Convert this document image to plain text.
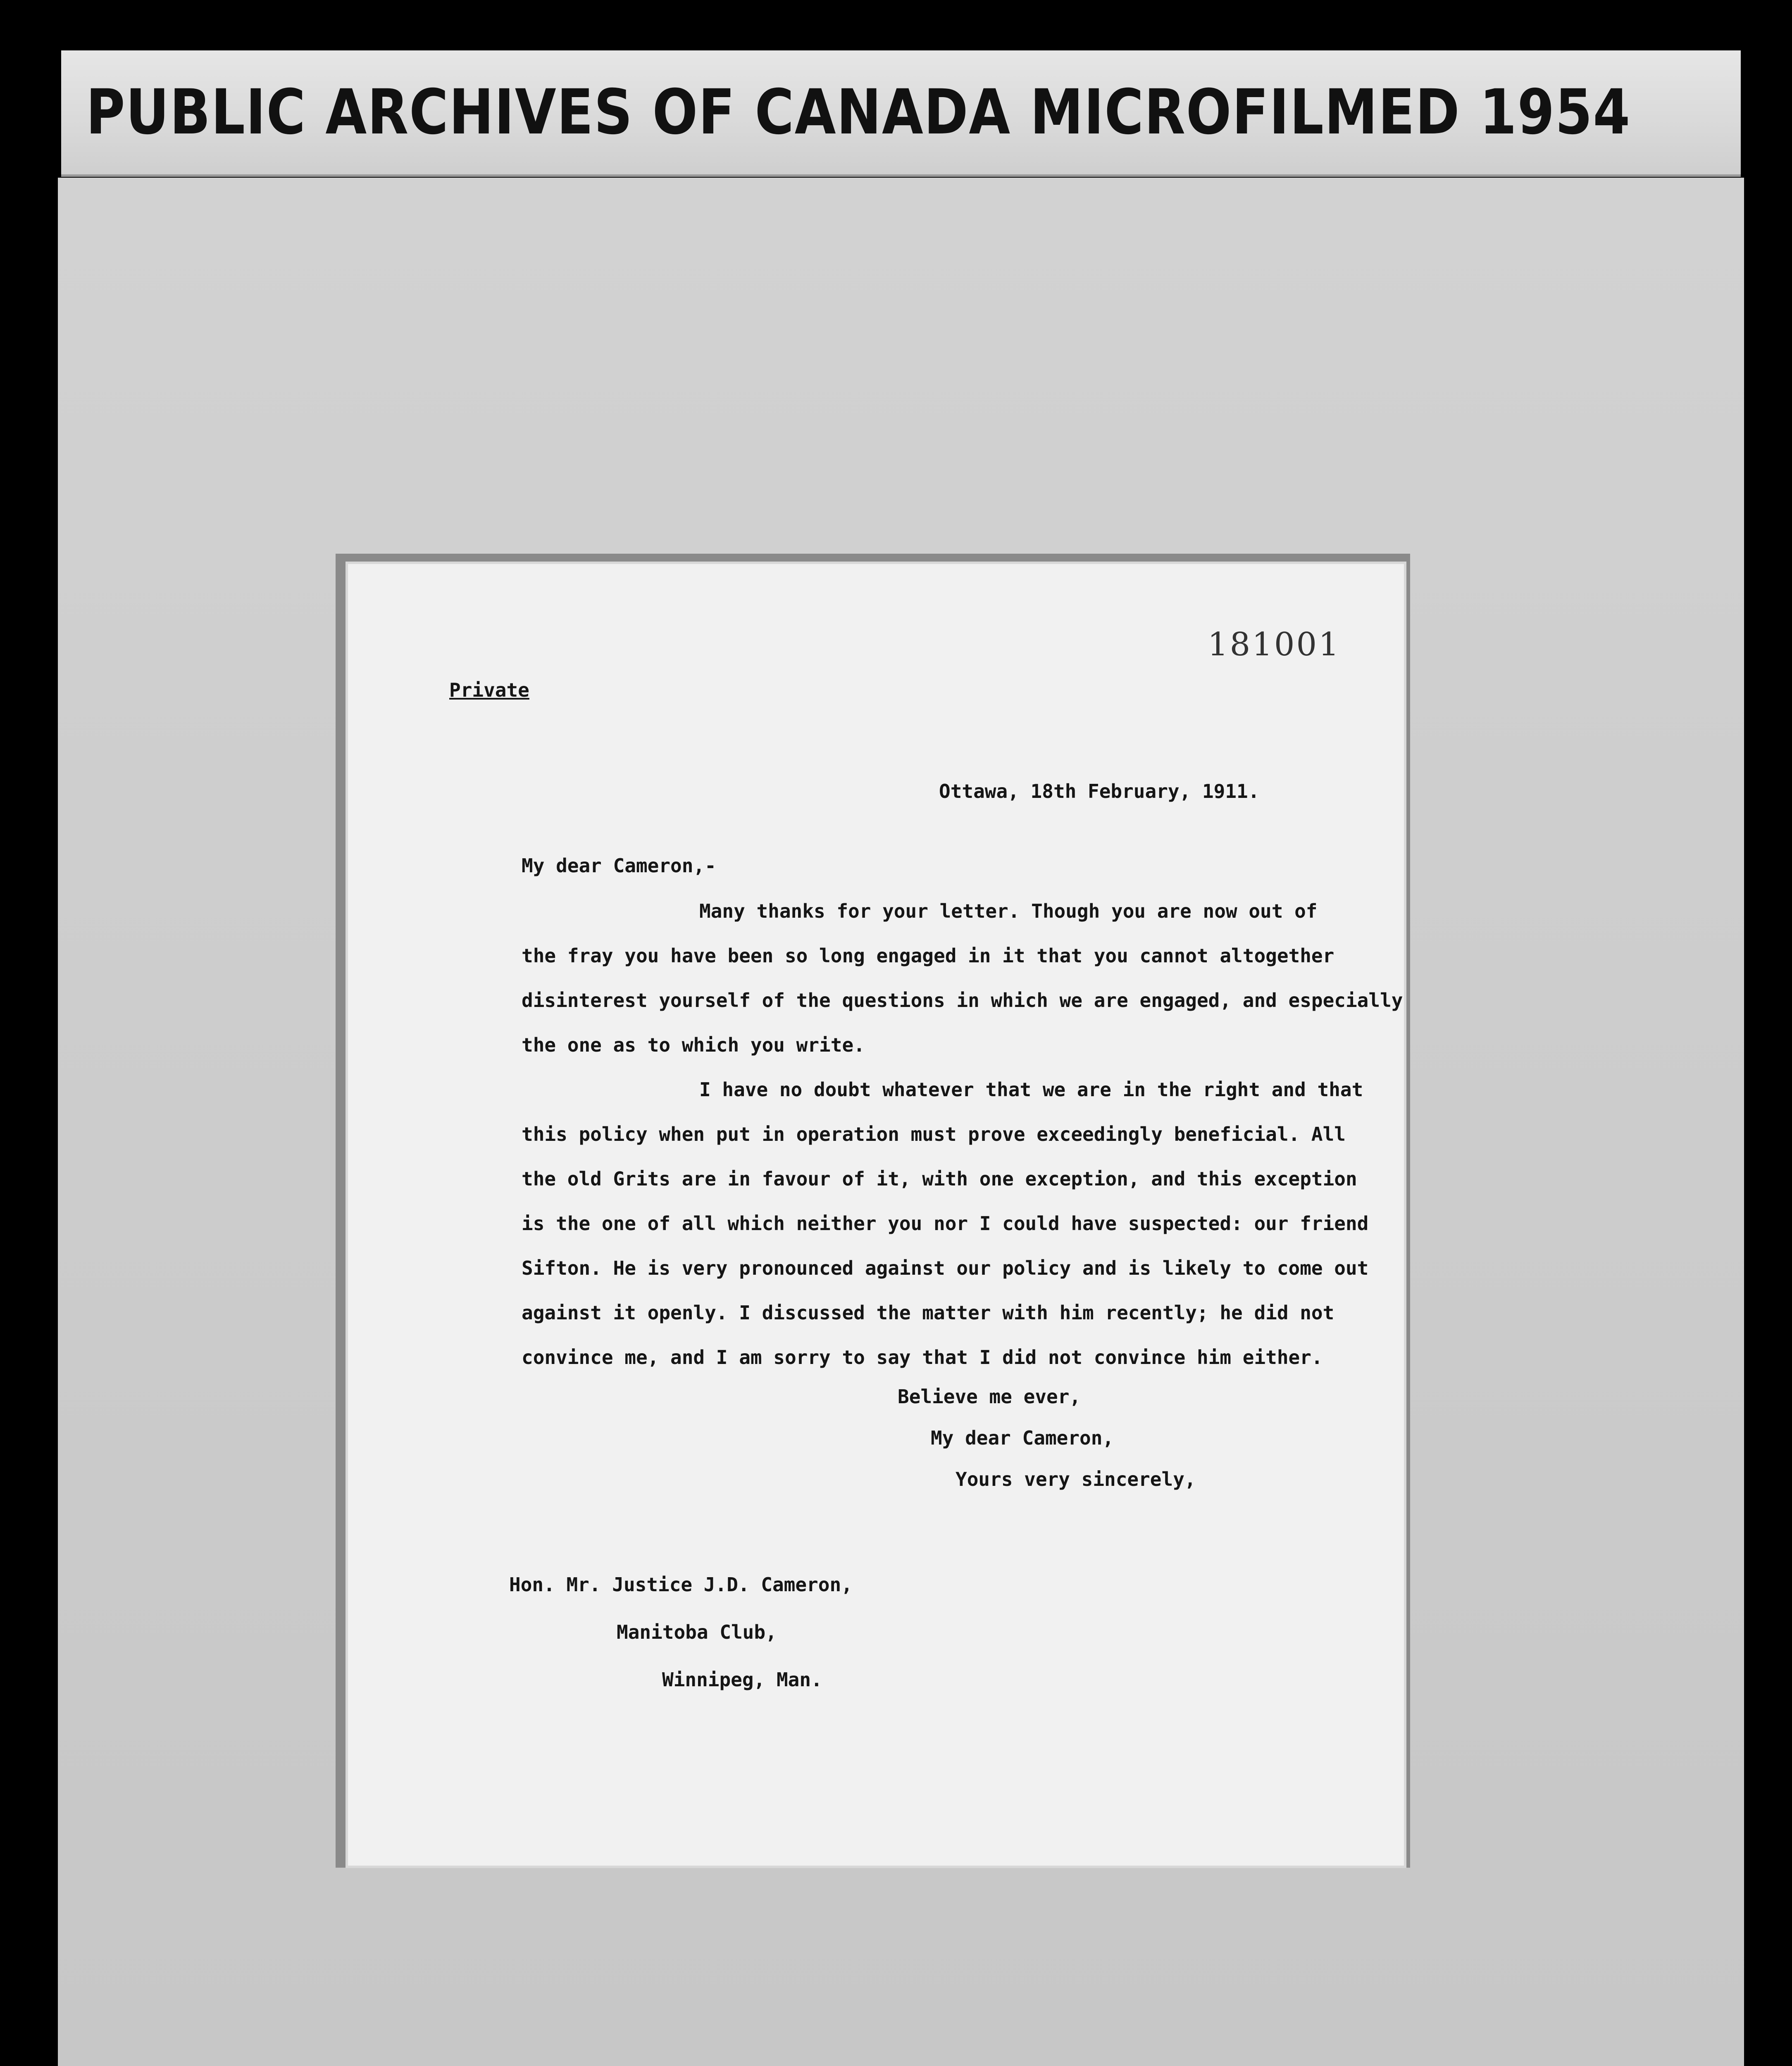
PUBLIC ARCHIVES OF CANADA MICROFILMED 1954
181001
Private
Ottawa, 18th February, 1911.
My dear Cameron,-
Many thanks for your letter. Though you are now out of
the fray you have been so long engaged in it that you cannot altogether
disinterest yourself of the questions in which we are engaged, and especially
the one as to which you write.
I have no doubt whatever that we are in the right and that
this policy when put in operation must prove exceedingly beneficial. All
the old Grits are in favour of it, with one exception, and this exception
is the one of all which neither you nor I could have suspected: our friend
Sifton. He is very pronounced against our policy and is likely to come out
against it openly. I discussed the matter with him recently; he did not
convince me, and I am sorry to say that I did not convince him either.
Believe me ever,
My dear Cameron,
Yours very sincerely,
Hon. Mr. Justice J.D. Cameron,
Manitoba Club,
Winnipeg, Man.
